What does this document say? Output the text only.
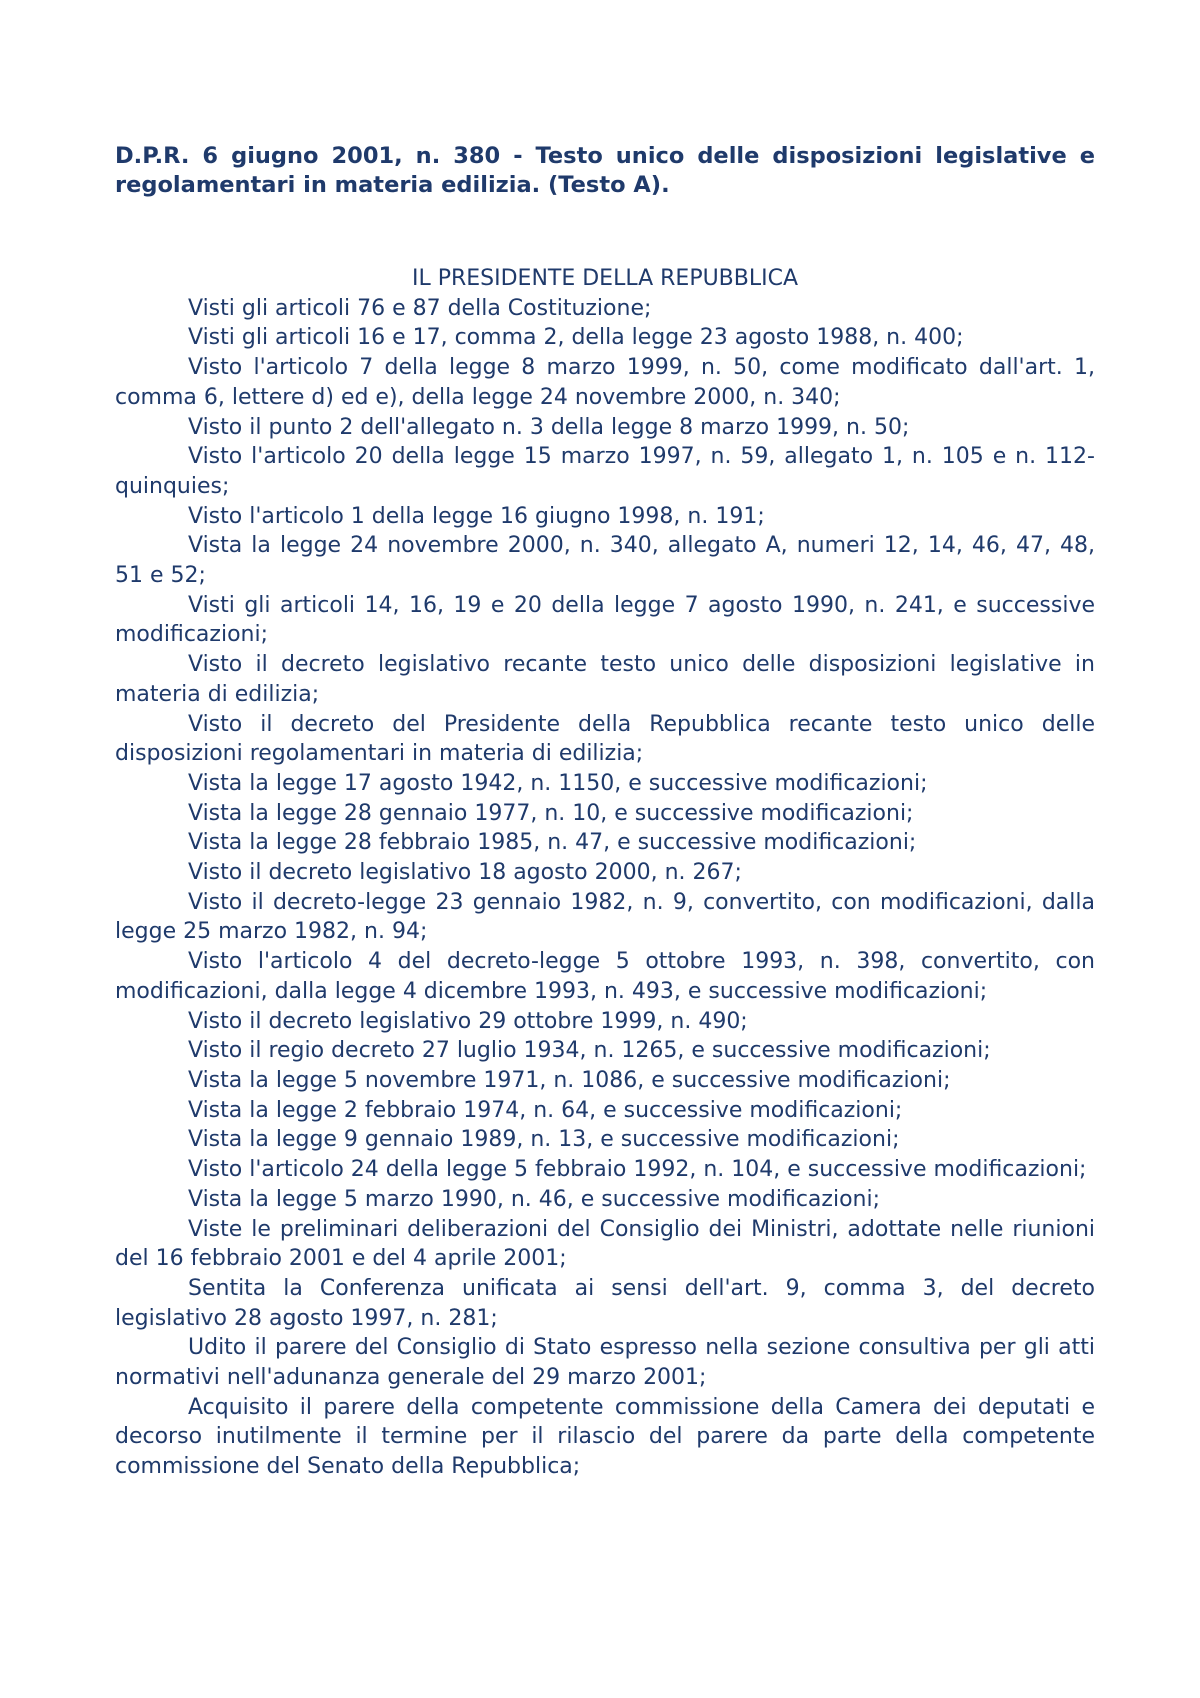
D.P.R. 6 giugno 2001, n. 380 - Testo unico delle disposizioni legislative e regolamentari in materia edilizia. (Testo A).

IL PRESIDENTE DELLA REPUBBLICA

Visti gli articoli 76 e 87 della Costituzione;

Visti gli articoli 16 e 17, comma 2, della legge 23 agosto 1988, n. 400;

Visto l'articolo 7 della legge 8 marzo 1999, n. 50, come modificato dall'art. 1, comma 6, lettere d) ed e), della legge 24 novembre 2000, n. 340;

Visto il punto 2 dell'allegato n. 3 della legge 8 marzo 1999, n. 50;

Visto l'articolo 20 della legge 15 marzo 1997, n. 59, allegato 1, n. 105 e n. 112-quinquies;

Visto l'articolo 1 della legge 16 giugno 1998, n. 191;

Vista la legge 24 novembre 2000, n. 340, allegato A, numeri 12, 14, 46, 47, 48, 51 e 52;

Visti gli articoli 14, 16, 19 e 20 della legge 7 agosto 1990, n. 241, e successive modificazioni;

Visto il decreto legislativo recante testo unico delle disposizioni legislative in materia di edilizia;

Visto il decreto del Presidente della Repubblica recante testo unico delle disposizioni regolamentari in materia di edilizia;

Vista la legge 17 agosto 1942, n. 1150, e successive modificazioni;

Vista la legge 28 gennaio 1977, n. 10, e successive modificazioni;

Vista la legge 28 febbraio 1985, n. 47, e successive modificazioni;

Visto il decreto legislativo 18 agosto 2000, n. 267;

Visto il decreto-legge 23 gennaio 1982, n. 9, convertito, con modificazioni, dalla legge 25 marzo 1982, n. 94;

Visto l'articolo 4 del decreto-legge 5 ottobre 1993, n. 398, convertito, con modificazioni, dalla legge 4 dicembre 1993, n. 493, e successive modificazioni;

Visto il decreto legislativo 29 ottobre 1999, n. 490;

Visto il regio decreto 27 luglio 1934, n. 1265, e successive modificazioni;

Vista la legge 5 novembre 1971, n. 1086, e successive modificazioni;

Vista la legge 2 febbraio 1974, n. 64, e successive modificazioni;

Vista la legge 9 gennaio 1989, n. 13, e successive modificazioni;

Visto l'articolo 24 della legge 5 febbraio 1992, n. 104, e successive modificazioni;

Vista la legge 5 marzo 1990, n. 46, e successive modificazioni;

Viste le preliminari deliberazioni del Consiglio dei Ministri, adottate nelle riunioni del 16 febbraio 2001 e del 4 aprile 2001;

Sentita la Conferenza unificata ai sensi dell'art. 9, comma 3, del decreto legislativo 28 agosto 1997, n. 281;

Udito il parere del Consiglio di Stato espresso nella sezione consultiva per gli atti normativi nell'adunanza generale del 29 marzo 2001;

Acquisito il parere della competente commissione della Camera dei deputati e decorso inutilmente il termine per il rilascio del parere da parte della competente commissione del Senato della Repubblica;
